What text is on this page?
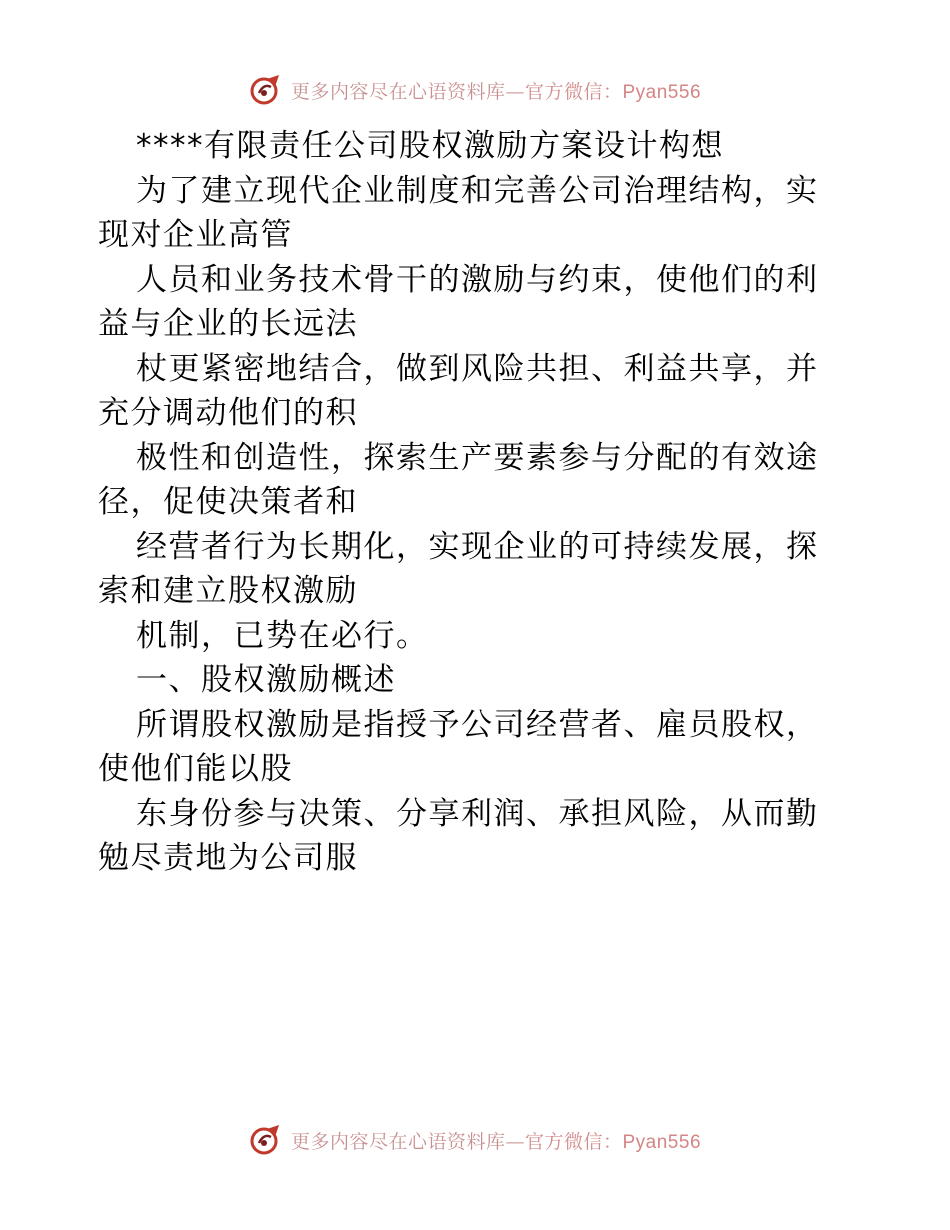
更多内容尽在心语资料库—官方微信：Pyan556
****有限责任公司股权激励方案设计构想
为了建立现代企业制度和完善公司治理结构，实
现对企业高管
人员和业务技术骨干的激励与约束，使他们的利
益与企业的长远法
杖更紧密地结合，做到风险共担、利益共享，并
充分调动他们的积
极性和创造性，探索生产要素参与分配的有效途
径，促使决策者和
经营者行为长期化，实现企业的可持续发展，探
索和建立股权激励
机制，已势在必行。
一、股权激励概述
所谓股权激励是指授予公司经营者、雇员股权，
使他们能以股
东身份参与决策、分享利润、承担风险，从而勤
勉尽责地为公司服
更多内容尽在心语资料库—官方微信：Pyan556
